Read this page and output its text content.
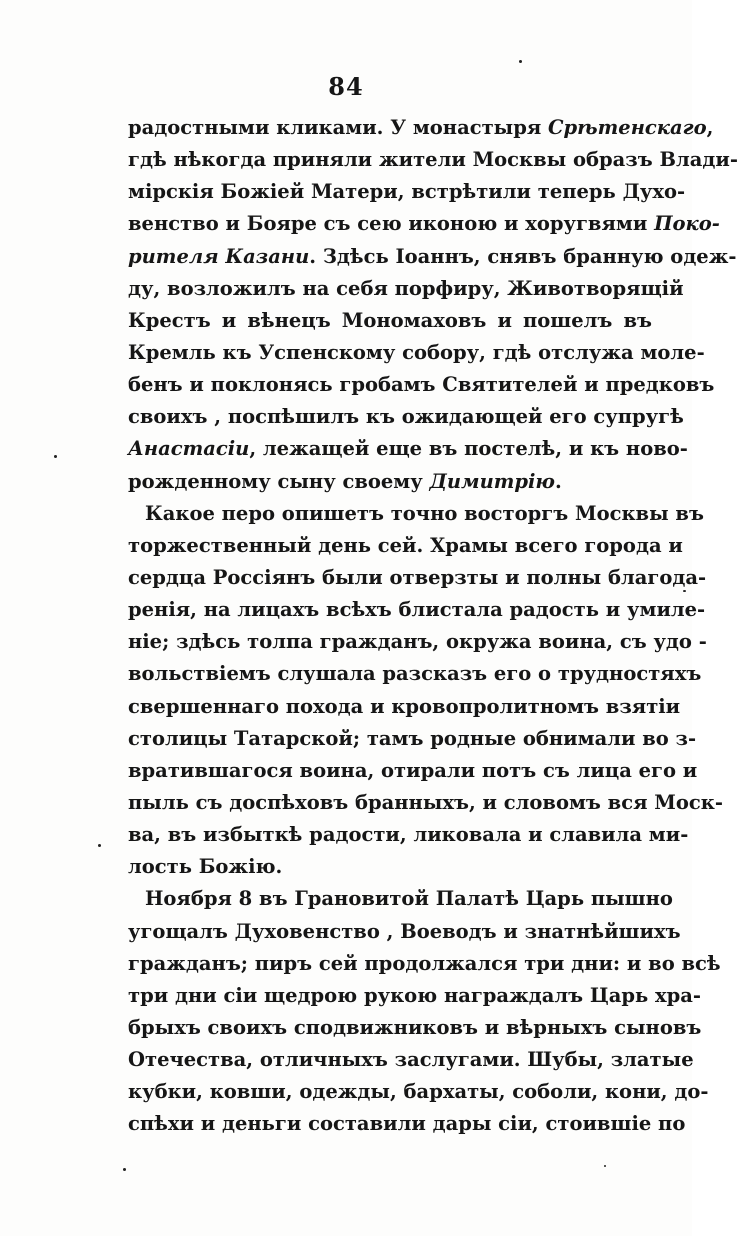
84
радостными кликами. У монастыря Срѣтенскаго,
гдѣ нѣкогда приняли жители Москвы образъ Влади-
мірскія Божіей Матери, встрѣтили теперь Духо-
венство и Бояре съ сею иконою и хоругвями Поко-
рителя Казани. Здѣсь Іоаннъ, снявъ бранную одеж-
ду, возложилъ на себя порфиру, Животворящій
Крестъ и вѣнецъ Мономаховъ и пошелъ въ
Кремль къ Успенскому собору, гдѣ отслужа моле-
бенъ и поклонясь гробамъ Святителей и предковъ
своихъ , поспѣшилъ къ ожидающей его супругѣ
Анастасіи, лежащей еще въ постелѣ, и къ ново-
рожденному сыну своему Димитрію.
Какое перо опишетъ точно восторгъ Москвы въ
торжественный день сей. Храмы всего города и
сердца Россіянъ были отверзты и полны благода-
ренія, на лицахъ всѣхъ блистала радость и умиле-
ніе; здѣсь толпа гражданъ, окружа воина, съ удо -
вольствіемъ слушала разсказъ его о трудностяхъ
свершеннаго похода и кровопролитномъ взятіи
столицы Татарской; тамъ родные обнимали во з-
вратившагося воина, отирали потъ съ лица его и
пыль съ доспѣховъ бранныхъ, и словомъ вся Моск-
ва, въ избыткѣ радости, ликовала и славила ми-
лость Божію.
Ноября 8 въ Грановитой Палатѣ Царь пышно
угощалъ Духовенство , Воеводъ и знатнѣйшихъ
гражданъ; пиръ сей продолжался три дни: и во всѣ
три дни сіи щедрою рукою награждалъ Царь хра-
брыхъ своихъ сподвижниковъ и вѣрныхъ сыновъ
Отечества, отличныхъ заслугами. Шубы, злaтые
кубки, ковши, одежды, бархаты, соболи, кони, до-
спѣхи и деньги составили дары сіи, стоившіе по
